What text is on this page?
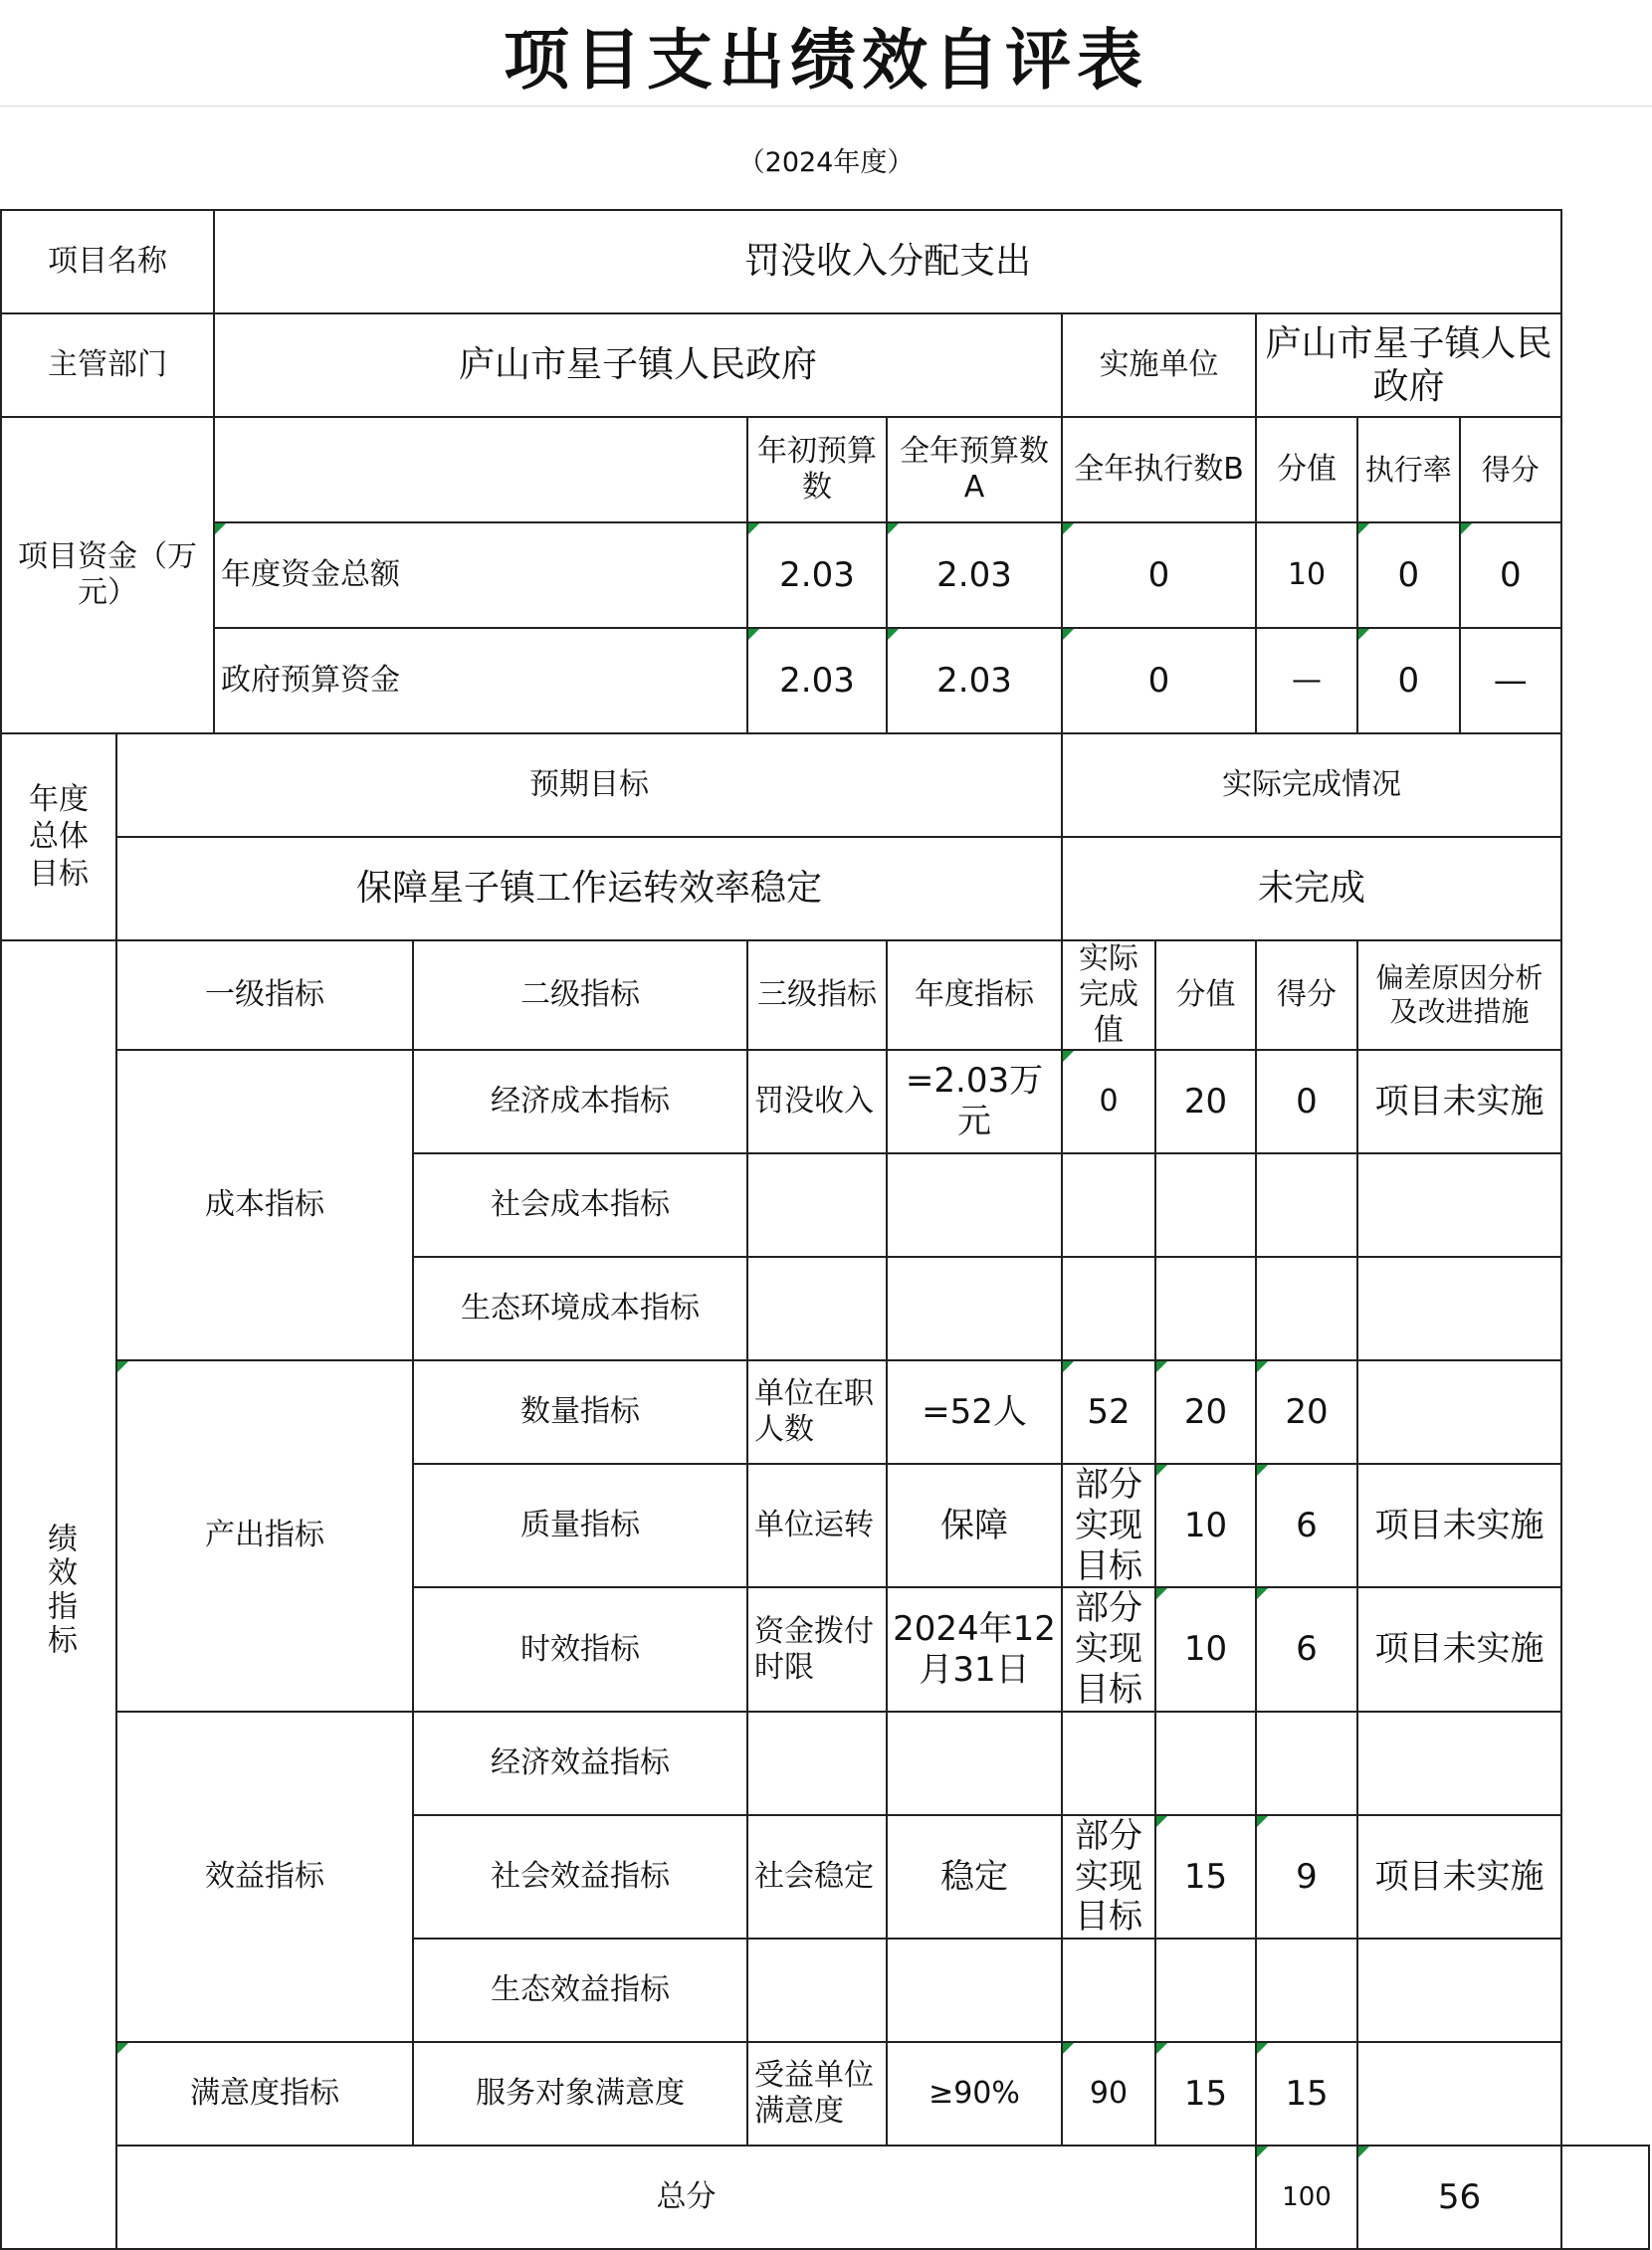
项目支出绩效自评表
（2024年度）
项目名称		罚没收入分配支出								
主管部门		庐山市星子镇人民政府				实施单位		庐山市星子镇人民政府		
项目资金（万元）				年初预算数	全年预算数A	全年执行数B		分值	执行率 得分	

		年度资金总额		2.03	2.03	0		10	0 0	

		政府预算资金		2.03	2.03	0		—	0 —	

年度总体目标	预期目标					实际完成情况				
	保障星子镇工作运转效率稳定					未完成				
绩效指标	一级指标		二级指标	三级指标	年度指标	实际完成值	分值	得分	偏差原因分析及改进措施	
	成本指标		经济成本指标	罚没收入	=2.03万元	0	20	0	项目未实施	
			社会成本指标							
			生态环境成本指标							
	产出指标		数量指标	单位在职人数	=52人	52	20	20		
			质量指标	单位运转	保障	部分实现目标	10	6	项目未实施	
			时效指标	资金拨付时限	2024年12月31日	部分实现目标	10	6	项目未实施	
	效益指标		经济效益指标							
			社会效益指标	社会稳定	稳定	部分实现目标	15	9	项目未实施	
			生态效益指标							
	满意度指标		服务对象满意度	受益单位满意度	≥90%	90	15	15		
	总分							100	56	
